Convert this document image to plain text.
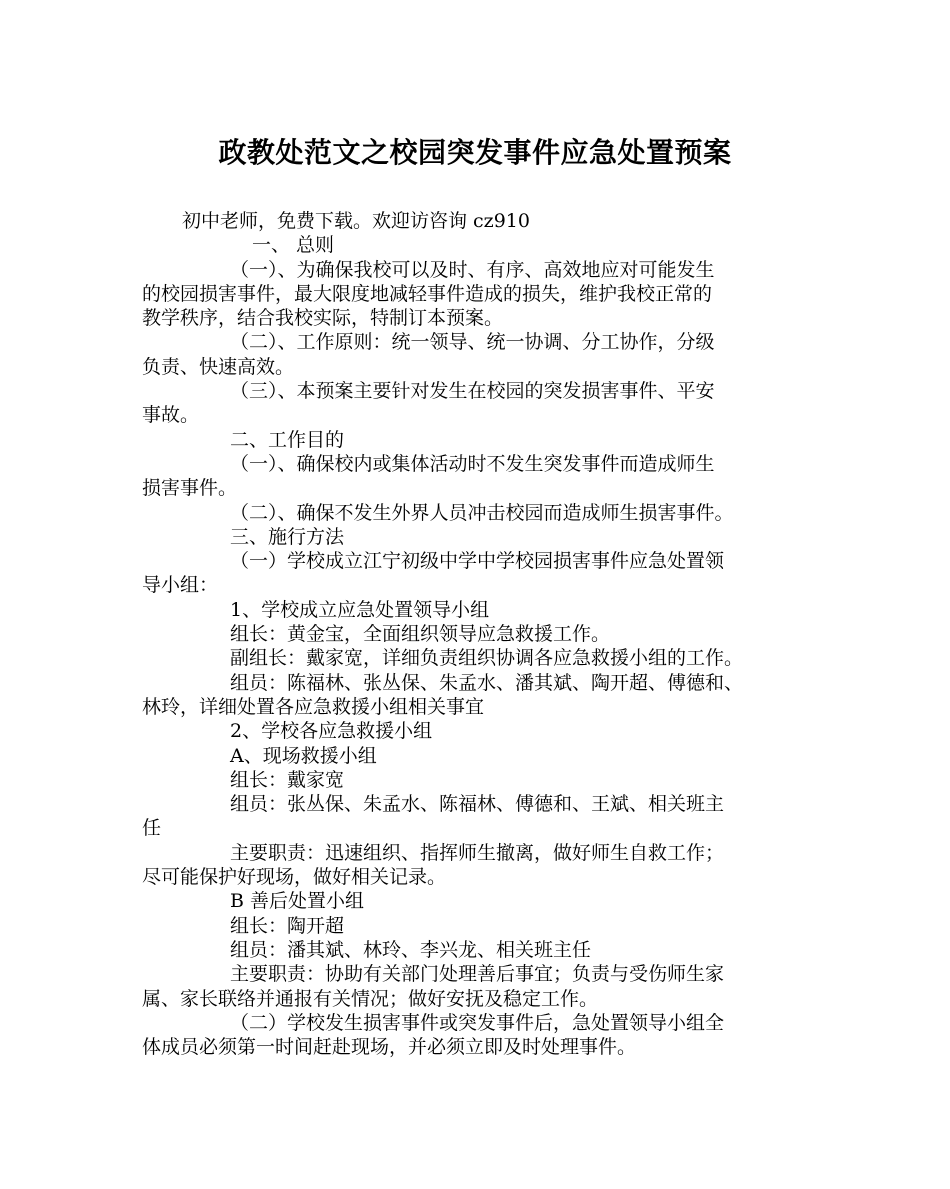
政教处范文之校园突发事件应急处置预案
初中老师，免费下载。欢迎访咨询 cz910
一、 总则
（一）、为确保我校可以及时、有序、高效地应对可能发生
的校园损害事件，最大限度地减轻事件造成的损失，维护我校正常的
教学秩序，结合我校实际，特制订本预案。
（二）、工作原则：统一领导、统一协调、分工协作，分级
负责、快速高效。
（三）、本预案主要针对发生在校园的突发损害事件、平安
事故。
二、工作目的
（一）、确保校内或集体活动时不发生突发事件而造成师生
损害事件。
（二）、确保不发生外界人员冲击校园而造成师生损害事件。
三、施行方法
（一）学校成立江宁初级中学中学校园损害事件应急处置领
导小组：
1、学校成立应急处置领导小组
组长：黄金宝，全面组织领导应急救援工作。
副组长：戴家宽，详细负责组织协调各应急救援小组的工作。
组员：陈福林、张丛保、朱孟水、潘其斌、陶开超、傅德和、
林玲，详细处置各应急救援小组相关事宜
2、学校各应急救援小组
A、现场救援小组
组长：戴家宽
组员：张丛保、朱孟水、陈福林、傅德和、王斌、相关班主
任
主要职责：迅速组织、指挥师生撤离，做好师生自救工作；
尽可能保护好现场，做好相关记录。
B 善后处置小组
组长：陶开超
组员：潘其斌、林玲、李兴龙、相关班主任
主要职责：协助有关部门处理善后事宜；负责与受伤师生家
属、家长联络并通报有关情况；做好安抚及稳定工作。
（二）学校发生损害事件或突发事件后，急处置领导小组全
体成员必须第一时间赶赴现场，并必须立即及时处理事件。
